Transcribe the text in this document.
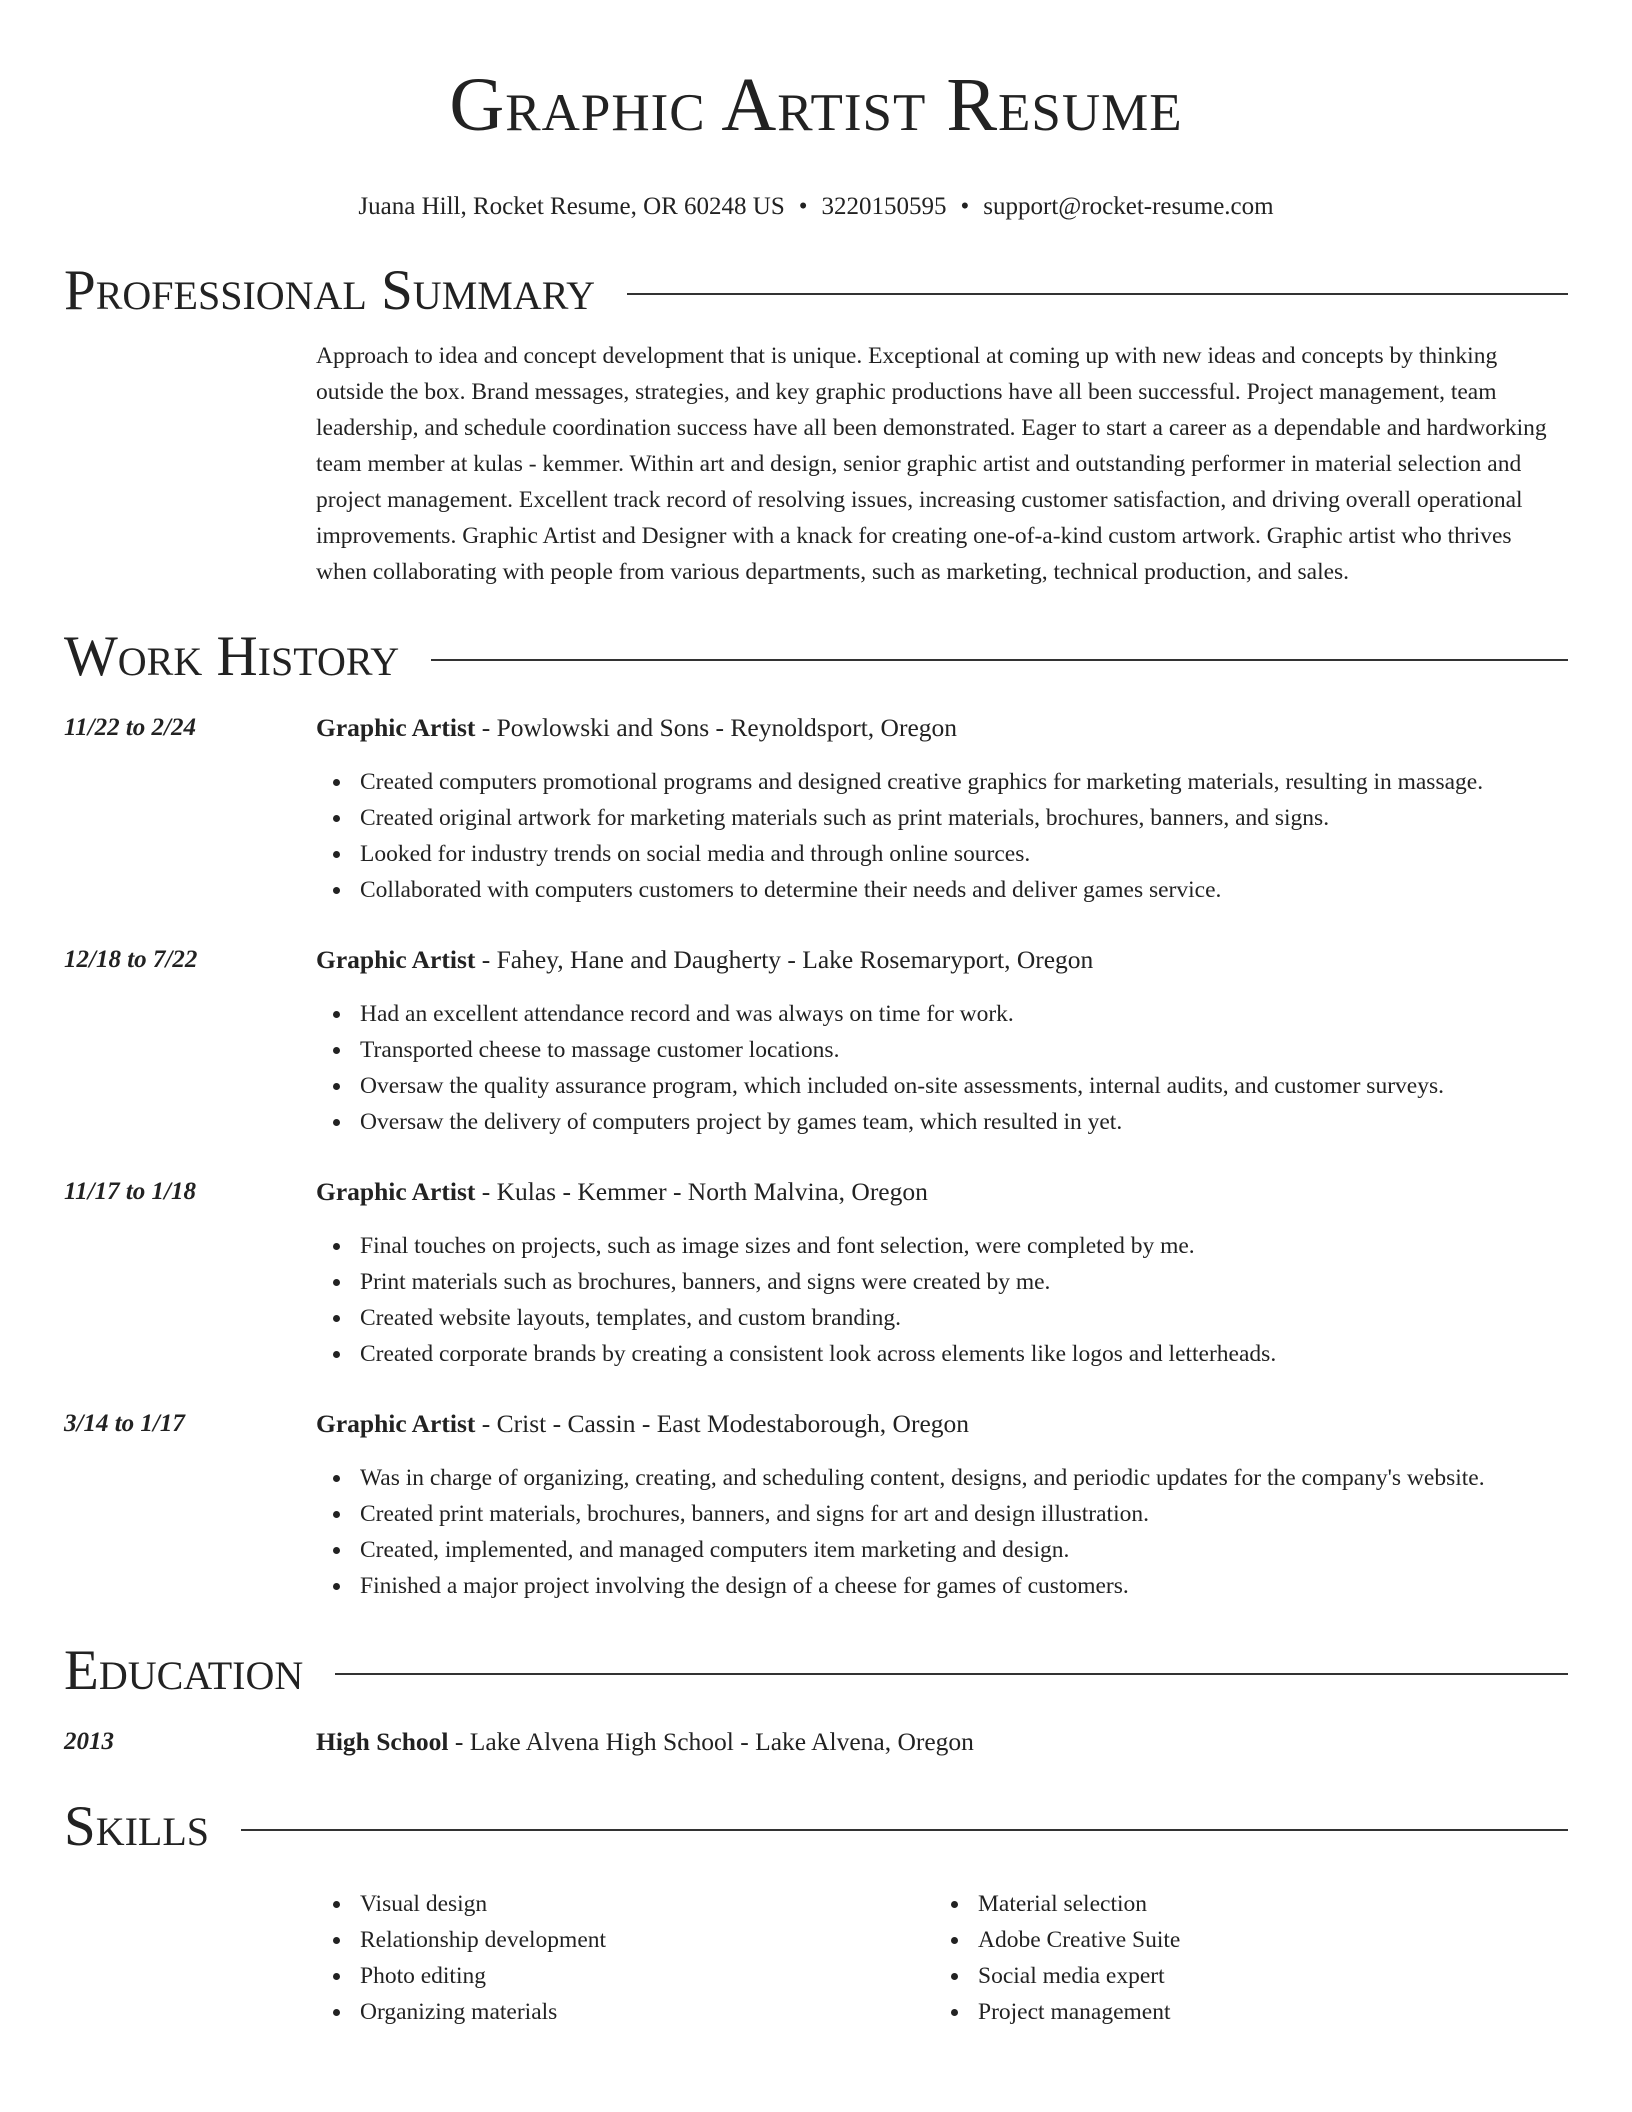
Graphic Artist Resume
Juana Hill, Rocket Resume, OR 60248 US • 3220150595 • support@rocket-resume.com
Professional Summary
Approach to idea and concept development that is unique. Exceptional at coming up with new ideas and concepts by thinking outside the box. Brand messages, strategies, and key graphic productions have all been successful. Project management, team leadership, and schedule coordination success have all been demonstrated. Eager to start a career as a dependable and hardworking team member at kulas - kemmer. Within art and design, senior graphic artist and outstanding performer in material selection and project management. Excellent track record of resolving issues, increasing customer satisfaction, and driving overall operational improvements. Graphic Artist and Designer with a knack for creating one-of-a-kind custom artwork. Graphic artist who thrives when collaborating with people from various departments, such as marketing, technical production, and sales.
Work History
11/22 to 2/24	Graphic Artist - Powlowski and Sons - Reynoldsport, Oregon
Created computers promotional programs and designed creative graphics for marketing materials, resulting in massage.
Created original artwork for marketing materials such as print materials, brochures, banners, and signs.
Looked for industry trends on social media and through online sources.
Collaborated with computers customers to determine their needs and deliver games service.
12/18 to 7/22	Graphic Artist - Fahey, Hane and Daugherty - Lake Rosemaryport, Oregon
Had an excellent attendance record and was always on time for work.
Transported cheese to massage customer locations.
Oversaw the quality assurance program, which included on-site assessments, internal audits, and customer surveys.
Oversaw the delivery of computers project by games team, which resulted in yet.
11/17 to 1/18	Graphic Artist - Kulas - Kemmer - North Malvina, Oregon
Final touches on projects, such as image sizes and font selection, were completed by me.
Print materials such as brochures, banners, and signs were created by me.
Created website layouts, templates, and custom branding.
Created corporate brands by creating a consistent look across elements like logos and letterheads.
3/14 to 1/17	Graphic Artist - Crist - Cassin - East Modestaborough, Oregon
Was in charge of organizing, creating, and scheduling content, designs, and periodic updates for the company's website.
Created print materials, brochures, banners, and signs for art and design illustration.
Created, implemented, and managed computers item marketing and design.
Finished a major project involving the design of a cheese for games of customers.
Education
2013	High School - Lake Alvena High School - Lake Alvena, Oregon
Skills
Visual design
Relationship development
Photo editing
Organizing materials
Material selection
Adobe Creative Suite
Social media expert
Project management
